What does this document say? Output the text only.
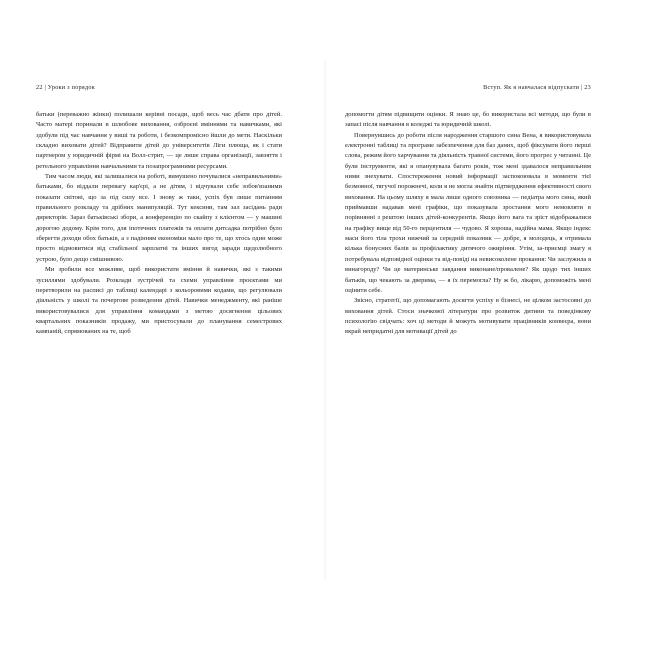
22 | Уроки з порядок

батьки (переважно жінки) полишали керівні посади, щоб весь час дбати про дітей. Часто матері поринали в шлюбове виховання, озброєні вміннями та навичками, які здобули під час навчання у виші та роботи, і безкомпромісно йшли до мети. Наскільки складно виховати дітей? Відправити дітей до університетів Ліги плюща, як і стати партнером у юридичній фірмі на Волл-стрит, — це лише справа організації, завзяття і ретельного управління навчальними та позапрограмними ресурсами.

Тим часом люди, які залишалися на роботі, вимушено почувалися «неправильними» батьками, бо віддали перевагу кар'єрі, а не дітям, і відчували себе зобов'язаними показати світові, що за під силу все. І знову ж таки, успіх був лише питанням правильного розкладу та дрібних манипуляцій. Тут кексини, там зал засідань ради директорів. Зараз батьківські збори, а конференцію по скайпу з клієнтом — у машині дорогою додому. Крім того, для іпотечних платежів та оплати дитсадка потрібно було зберегти доходи обох батьків, а з падінням економіки мало про те, що хтось один може просто відмовитися від стабільної зарплатні та інших вигод заради щедолюбного устрою, було дещо смішнивою.

Ми зробили все можливе, щоб використати вміння й навички, які з такими зусиллями здобували. Розклади зустрічей та схеми управління проєктами ми перетворили на расписі до таблиці календарі з кольоровими кодами, що регулювали діяльність у школі та почергове розведення дітей. Навички менеджменту, які раніше використовувалися для управління командами з метою досягнення цільових квартальних показників продажу, ми пристосували до планування семестрових кампаній, спрямованих на те, щоб

Вступ. Як я навчалася відпускати | 23

допомогти дітям підвищити оцінки. Я знаю це, бо використала всі методи, що були в запасі після навчання в коледжі та юридичній школі.

Повернувшись до роботи після народження старшого сина Вена, я використовувала електронні таблиці та програме забезпечення для баз даних, щоб фіксувати його перші слова, режим його харчування та діяльність травної системи, його прогрес у читанні. Це були інструменти, які я опанувувала багато років, тож мені здавалося неправильним ними знехувати. Спостереження новий інформації заспокоювала в моменти тієї безмовної, тягучої порожнечі, коли я не могла знайти підтвердження ефективності свого виховання. На цьому шляху я мала лише одного союзника — педіатра мого сина, який приймавши надавав мені графіки, що показувала зростання мого немовляти в порівнянні з рештою інших дітей-конкурентів. Якщо його вага та зріст відображалися на графіку вище від 50-го перцентиля — чудово. Я хороша, надійна мама. Якщо індекс маси його тіла трохи нижчий за середній показник — добре, я молодець, я отримала кілька бонусних балів за профілактику дитячого ожиріння. Утім, за-приємці змагу я потребувала відповідної оцінки та від-повіді на невисоколене прокання: Чи заслужила я винагороду? Чи це материнське завдання виконане/провалене? Як щодо тих інших батьків, що чекають за дверима, — я їх перемогла? Ну ж бо, лікарю, допоможіть мені оцінити себе.

Звісно, стратегії, що допомагають досягти успіху в бізнесі, не цілком застосовні до виховання дітей. Стоси значкової літератури про розвиток дитини та поведінкову психологію свідчать: хоч ці методи й можуть мотивувати працівників конвеєра, вони вкрай непридатні для мотивації дітей до
